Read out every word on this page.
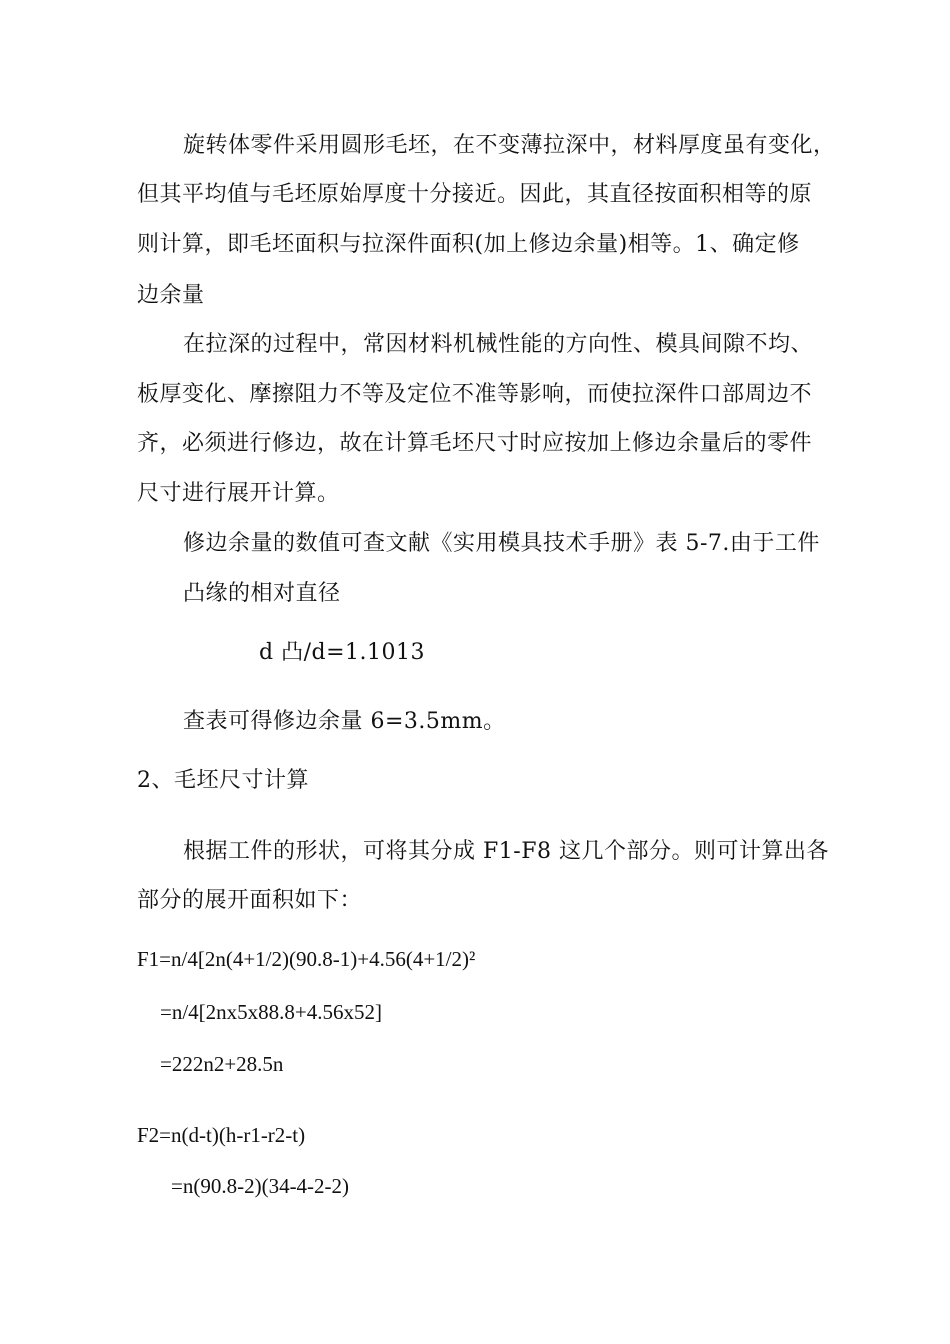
旋转体零件采用圆形毛坯，在不变薄拉深中，材料厚度虽有变化，

但其平均值与毛坯原始厚度十分接近。因此，其直径按面积相等的原

则计算，即毛坯面积与拉深件面积(加上修边余量)相等。1、确定修

边余量

在拉深的过程中，常因材料机械性能的方向性、模具间隙不均、

板厚变化、摩擦阻力不等及定位不准等影响，而使拉深件口部周边不

齐，必须进行修边，故在计算毛坯尺寸时应按加上修边余量后的零件

尺寸进行展开计算。

修边余量的数值可查文献《实用模具技术手册》表 5-7.由于工件

凸缘的相对直径

d 凸/d=1.1013

查表可得修边余量 6=3.5mm。

2、毛坯尺寸计算

根据工件的形状，可将其分成 F1-F8 这几个部分。则可计算出各

部分的展开面积如下：

F1=n/4[2n(4+1/2)(90.8-1)+4.56(4+1/2)²

=n/4[2nx5x88.8+4.56x52]

=222n2+28.5n

F2=n(d-t)(h-r1-r2-t)

=n(90.8-2)(34-4-2-2)
